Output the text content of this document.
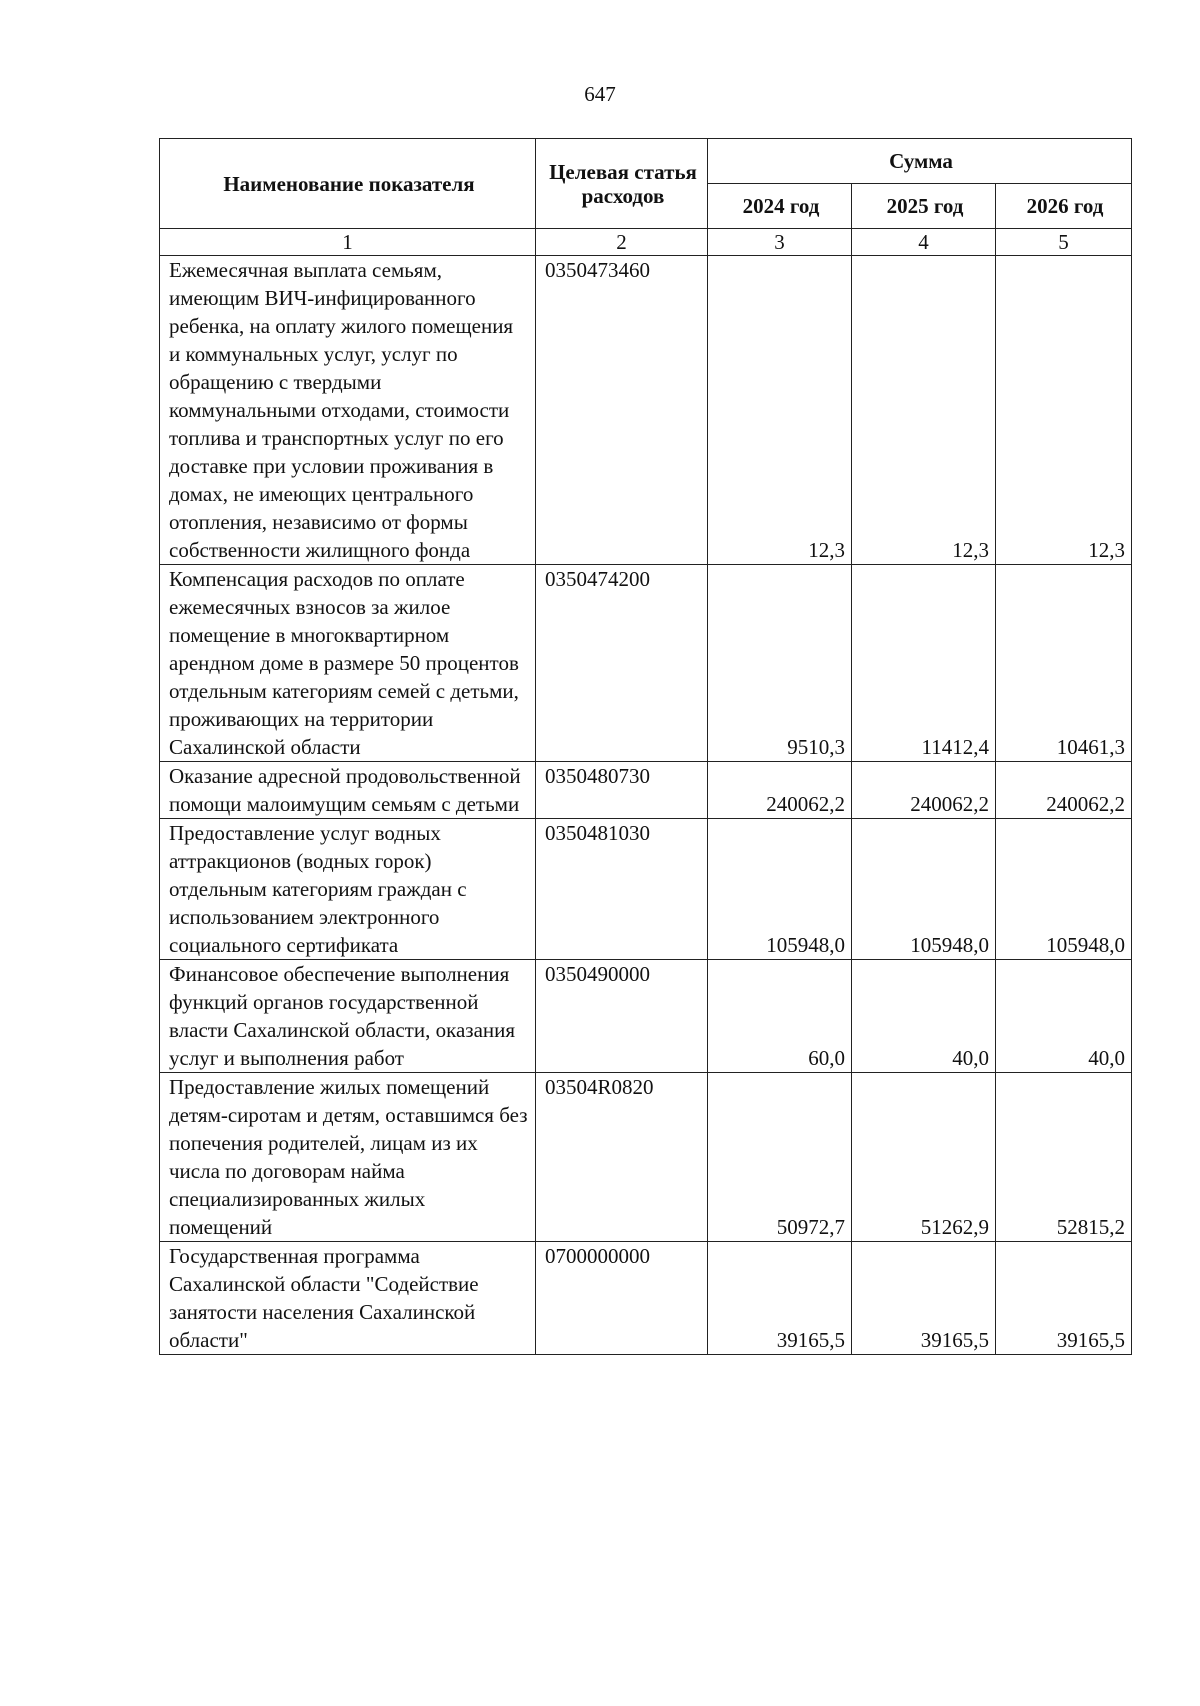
647
Наименование показателя	Целевая статья расходов	Сумма		
		2024 год	2025 год	2026 год
1	2	3	4	5
Ежемесячная выплата семьям, имеющим ВИЧ-инфицированного ребенка, на оплату жилого помещения и коммунальных услуг, услуг по обращению с твердыми коммунальными отходами, стоимости топлива и транспортных услуг по его доставке при условии проживания в домах, не имеющих центрального отопления, независимо от формы собственности жилищного фонда	0350473460	12,3	12,3	12,3
Компенсация расходов по оплате ежемесячных взносов за жилое помещение в многоквартирном арендном доме в размере 50 процентов отдельным категориям семей с детьми, проживающих на территории Сахалинской области	0350474200	9510,3	11412,4	10461,3
Оказание адресной продовольственной помощи малоимущим семьям с детьми	0350480730	240062,2	240062,2	240062,2
Предоставление услуг водных аттракционов (водных горок) отдельным категориям граждан с использованием электронного социального сертификата	0350481030	105948,0	105948,0	105948,0
Финансовое обеспечение выполнения функций органов государственной власти Сахалинской области, оказания услуг и выполнения работ	0350490000	60,0	40,0	40,0
Предоставление жилых помещений детям-сиротам и детям, оставшимся без попечения родителей, лицам из их числа по договорам найма специализированных жилых помещений	03504R0820	50972,7	51262,9	52815,2
Государственная программа Сахалинской области "Содействие занятости населения Сахалинской области"	0700000000	39165,5	39165,5	39165,5
